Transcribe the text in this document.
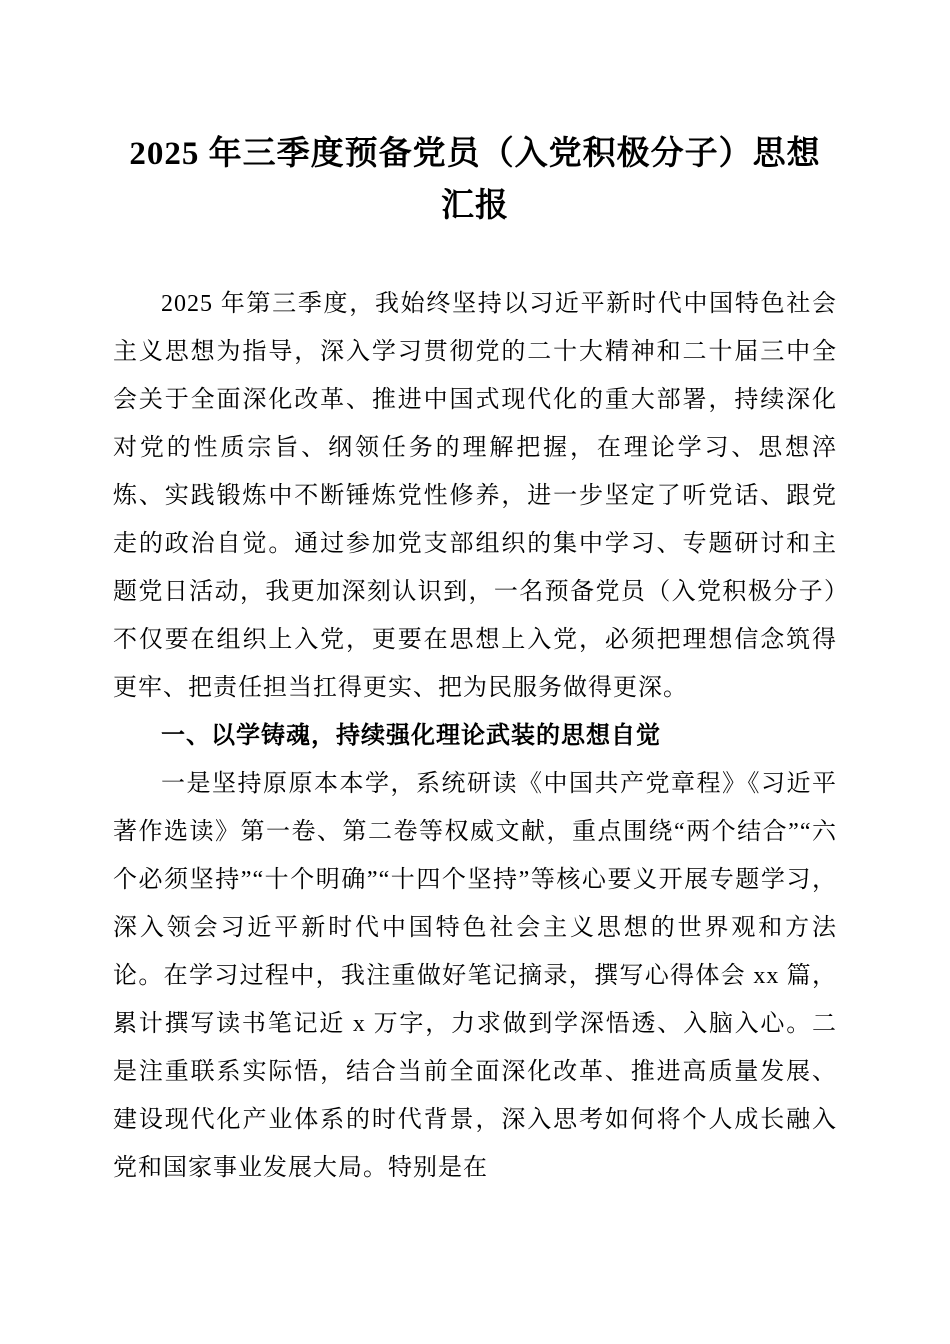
2025 年三季度预备党员（入党积极分子）思想汇报

2025 年第三季度，我始终坚持以习近平新时代中国特色社会主义思想为指导，深入学习贯彻党的二十大精神和二十届三中全会关于全面深化改革、推进中国式现代化的重大部署，持续深化对党的性质宗旨、纲领任务的理解把握，在理论学习、思想淬炼、实践锻炼中不断锤炼党性修养，进一步坚定了听党话、跟党走的政治自觉。通过参加党支部组织的集中学习、专题研讨和主题党日活动，我更加深刻认识到，一名预备党员（入党积极分子）不仅要在组织上入党，更要在思想上入党，必须把理想信念筑得更牢、把责任担当扛得更实、把为民服务做得更深。

一、以学铸魂，持续强化理论武装的思想自觉

一是坚持原原本本学，系统研读《中国共产党章程》《习近平著作选读》第一卷、第二卷等权威文献，重点围绕“两个结合”“六个必须坚持”“十个明确”“十四个坚持”等核心要义开展专题学习，深入领会习近平新时代中国特色社会主义思想的世界观和方法论。在学习过程中，我注重做好笔记摘录，撰写心得体会 xx 篇，累计撰写读书笔记近 x 万字，力求做到学深悟透、入脑入心。二是注重联系实际悟，结合当前全面深化改革、推进高质量发展、建设现代化产业体系的时代背景，深入思考如何将个人成长融入党和国家事业发展大局。特别是在
